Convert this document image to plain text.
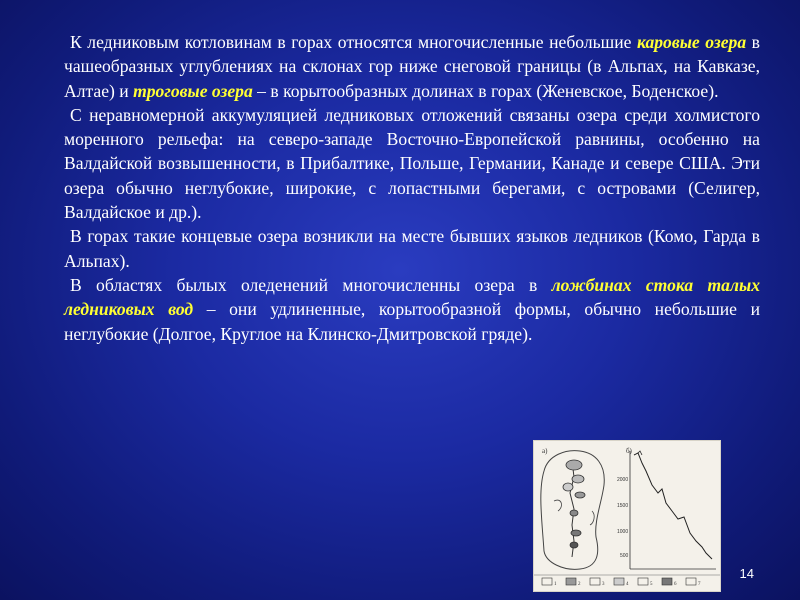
К ледниковым котловинам в горах относятся многочисленные небольшие каровые озера в чашеобразных углублениях на склонах гор ниже снеговой границы (в Альпах, на Кавказе, Алтае) и троговые озера – в корытообразных долинах в горах (Женевское, Боденское).

С неравномерной аккумуляцией ледниковых отложений связаны озера среди холмистого моренного рельефа: на северо-западе Восточно-Европейской равнины, особенно на Валдайской возвышенности, в Прибалтике, Польше, Германии, Канаде и севере США. Эти озера обычно неглубокие, широкие, с лопастными берегами, с островами (Селигер, Валдайское и др.).

В горах такие концевые озера возникли на месте бывших языков ледников (Комо, Гарда в Альпах).

В областях былых оледенений многочисленны озера в ложбинах стока талых ледниковых вод – они удлиненные, корытообразной формы, обычно небольшие и неглубокие (Долгое, Круглое на Клинско-Дмитровской гряде).

а)	б)
2000
1500
1000
500
1	2	3	4	5	6	7
14
